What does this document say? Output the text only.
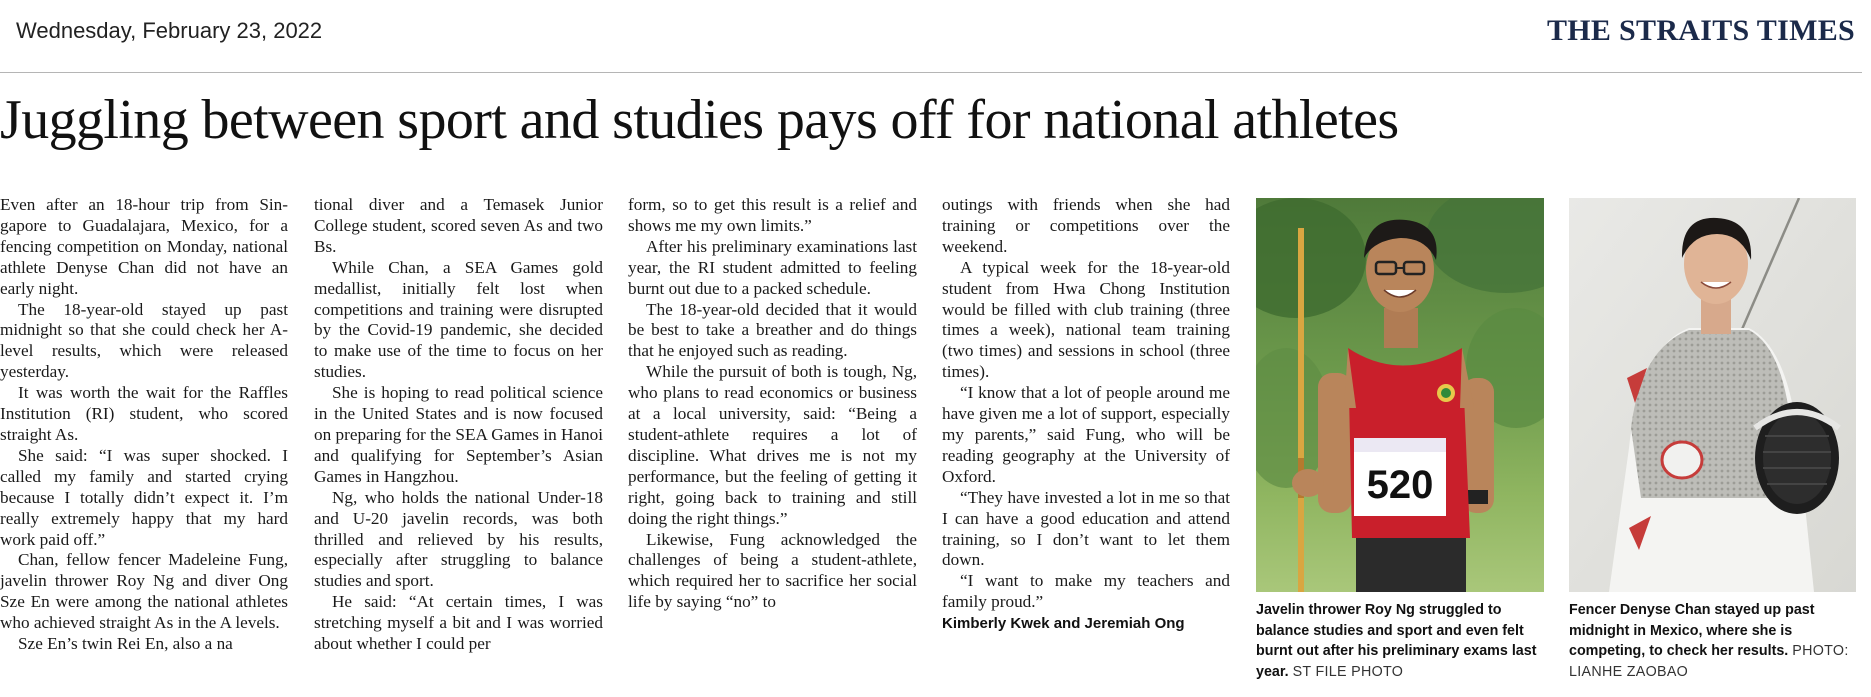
Wednesday, February 23, 2022	THE STRAITS TIMES
Juggling between sport and studies pays off for national athletes

Even after an 18-hour trip from Singapore to Guadalajara, Mexico, for a fencing competition on Monday, national athlete Denyse Chan did not have an early night.

The 18-year-old stayed up past midnight so that she could check her A-level results, which were released yesterday.

It was worth the wait for the Raffles Institution (RI) student, who scored straight As.

She said: “I was super shocked. I called my family and started crying because I totally didn’t expect it. I’m really extremely happy that my hard work paid off.”

Chan, fellow fencer Madeleine Fung, javelin thrower Roy Ng and diver Ong Sze En were among the national athletes who achieved straight As in the A levels.

Sze En’s twin Rei En, also a na

tional diver and a Temasek Junior College student, scored seven As and two Bs.

While Chan, a SEA Games gold medallist, initially felt lost when competitions and training were disrupted by the Covid-19 pandemic, she decided to make use of the time to focus on her studies.

She is hoping to read political science in the United States and is now focused on preparing for the SEA Games in Hanoi and qualifying for September’s Asian Games in Hangzhou.

Ng, who holds the national Under-18 and U-20 javelin records, was both thrilled and relieved by his results, especially after struggling to balance studies and sport.

He said: “At certain times, I was stretching myself a bit and I was worried about whether I could per

form, so to get this result is a relief and shows me my own limits.”

After his preliminary examinations last year, the RI student admitted to feeling burnt out due to a packed schedule.

The 18-year-old decided that it would be best to take a breather and do things that he enjoyed such as reading.

While the pursuit of both is tough, Ng, who plans to read economics or business at a local university, said: “Being a student-athlete requires a lot of discipline. What drives me is not my performance, but the feeling of getting it right, going back to training and still doing the right things.”

Likewise, Fung acknowledged the challenges of being a student-athlete, which required her to sacrifice her social life by saying “no” to

outings with friends when she had training or competitions over the weekend.

A typical week for the 18-year-old student from Hwa Chong Institution would be filled with club training (three times a week), national team training (two times) and sessions in school (three times).

“I know that a lot of people around me have given me a lot of support, especially my parents,” said Fung, who will be reading geography at the University of Oxford.

“They have invested a lot in me so that I can have a good education and attend training, so I don’t want to let them down.

“I want to make my teachers and family proud.”

Kimberly Kwek and Jeremiah Ong
520
Javelin thrower Roy Ng struggled to balance studies and sport and even felt burnt out after his preliminary exams last year. ST FILE PHOTO
Fencer Denyse Chan stayed up past midnight in Mexico, where she is competing, to check her results. PHOTO: LIANHE ZAOBAO
